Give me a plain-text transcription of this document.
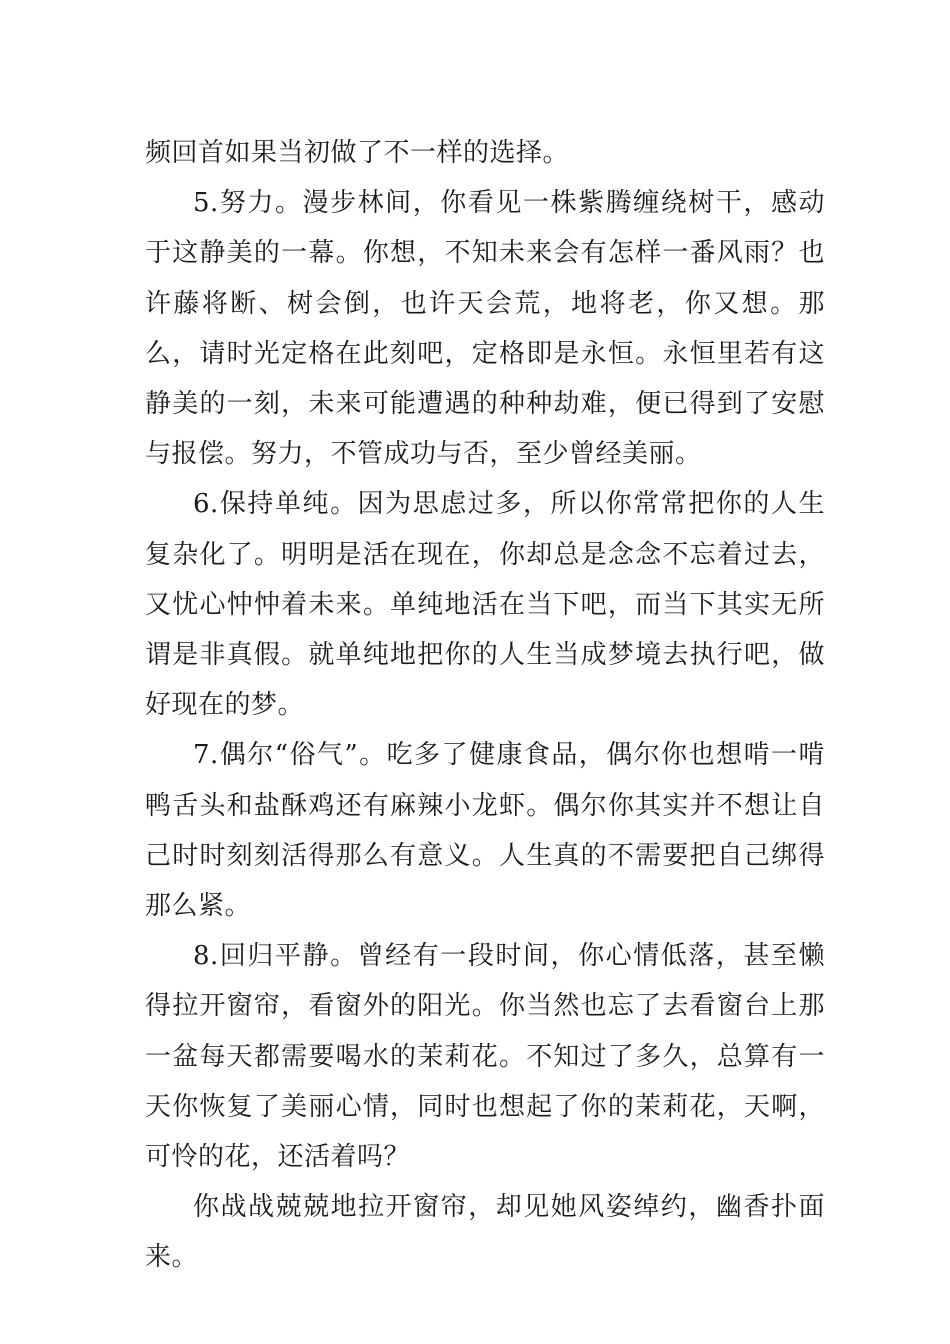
频回首如果当初做了不一样的选择。

5.努力。漫步林间，你看见一株紫腾缠绕树干，感动于这静美的一幕。你想，不知未来会有怎样一番风雨？也许藤将断、树会倒，也许天会荒，地将老，你又想。那么，请时光定格在此刻吧，定格即是永恒。永恒里若有这静美的一刻，未来可能遭遇的种种劫难，便已得到了安慰与报偿。努力，不管成功与否，至少曾经美丽。

6.保持单纯。因为思虑过多，所以你常常把你的人生复杂化了。明明是活在现在，你却总是念念不忘着过去，又忧心忡忡着未来。单纯地活在当下吧，而当下其实无所谓是非真假。就单纯地把你的人生当成梦境去执行吧，做好现在的梦。

7.偶尔“俗气”。吃多了健康食品，偶尔你也想啃一啃鸭舌头和盐酥鸡还有麻辣小龙虾。偶尔你其实并不想让自己时时刻刻活得那么有意义。人生真的不需要把自己绑得那么紧。

8.回归平静。曾经有一段时间，你心情低落，甚至懒得拉开窗帘，看窗外的阳光。你当然也忘了去看窗台上那一盆每天都需要喝水的茉莉花。不知过了多久，总算有一天你恢复了美丽心情，同时也想起了你的茉莉花，天啊，可怜的花，还活着吗？

你战战兢兢地拉开窗帘，却见她风姿绰约，幽香扑面来。
